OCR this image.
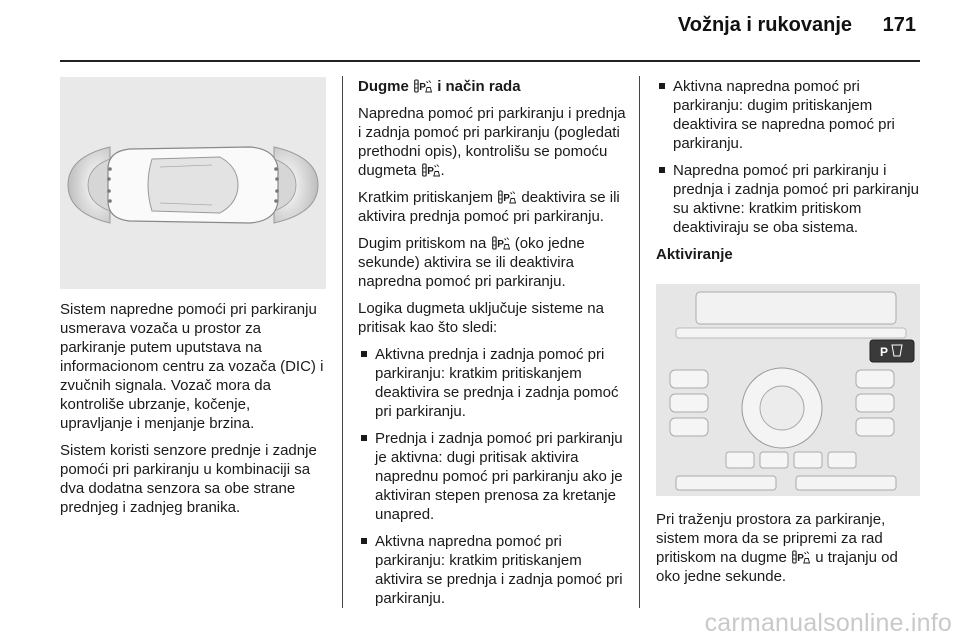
Vožnja i rukovanje	171

Sistem napredne pomoći pri parkiranju usmerava vozača u prostor za parkiranje putem uputstava na informacionom centru za vozača (DIC) i zvučnih signala. Vozač mora da kontroliše ubrzanje, kočenje, upravljanje i menjanje brzina.

Sistem koristi senzore prednje i zadnje pomoći pri parkiranju u kombinaciji sa dva dodatna senzora sa obe strane prednjeg i zadnjeg branika.

Dugme i način rada

Napredna pomoć pri parkiranju i prednja i zadnja pomoć pri parkiranju (pogledati prethodni opis), kontrolišu se pomoću dugmeta .

Kratkim pritiskanjem deaktivira se ili aktivira prednja pomoć pri parkiranju.

Dugim pritiskom na (oko jedne sekunde) aktivira se ili deaktivira napredna pomoć pri parkiranju.

Logika dugmeta uključuje sisteme na pritisak kao što sledi:

Aktivna prednja i zadnja pomoć pri parkiranju: kratkim pritiskanjem deaktivira se prednja i zadnja pomoć pri parkiranju.
Prednja i zadnja pomoć pri parkiranju je aktivna: dugi pritisak aktivira naprednu pomoć pri parkiranju ako je aktiviran stepen prenosa za kretanje unapred.
Aktivna napredna pomoć pri parkiranju: kratkim pritiskanjem aktivira se prednja i zadnja pomoć pri parkiranju.
Aktivna napredna pomoć pri parkiranju: dugim pritiskanjem deaktivira se napredna pomoć pri parkiranju.
Napredna pomoć pri parkiranju i prednja i zadnja pomoć pri parkiranju su aktivne: kratkim pritiskom deaktiviraju se oba sistema.

Aktiviranje

P

Pri traženju prostora za parkiranje, sistem mora da se pripremi za rad pritiskom na dugme u trajanju od oko jedne sekunde.

carmanualsonline.info
